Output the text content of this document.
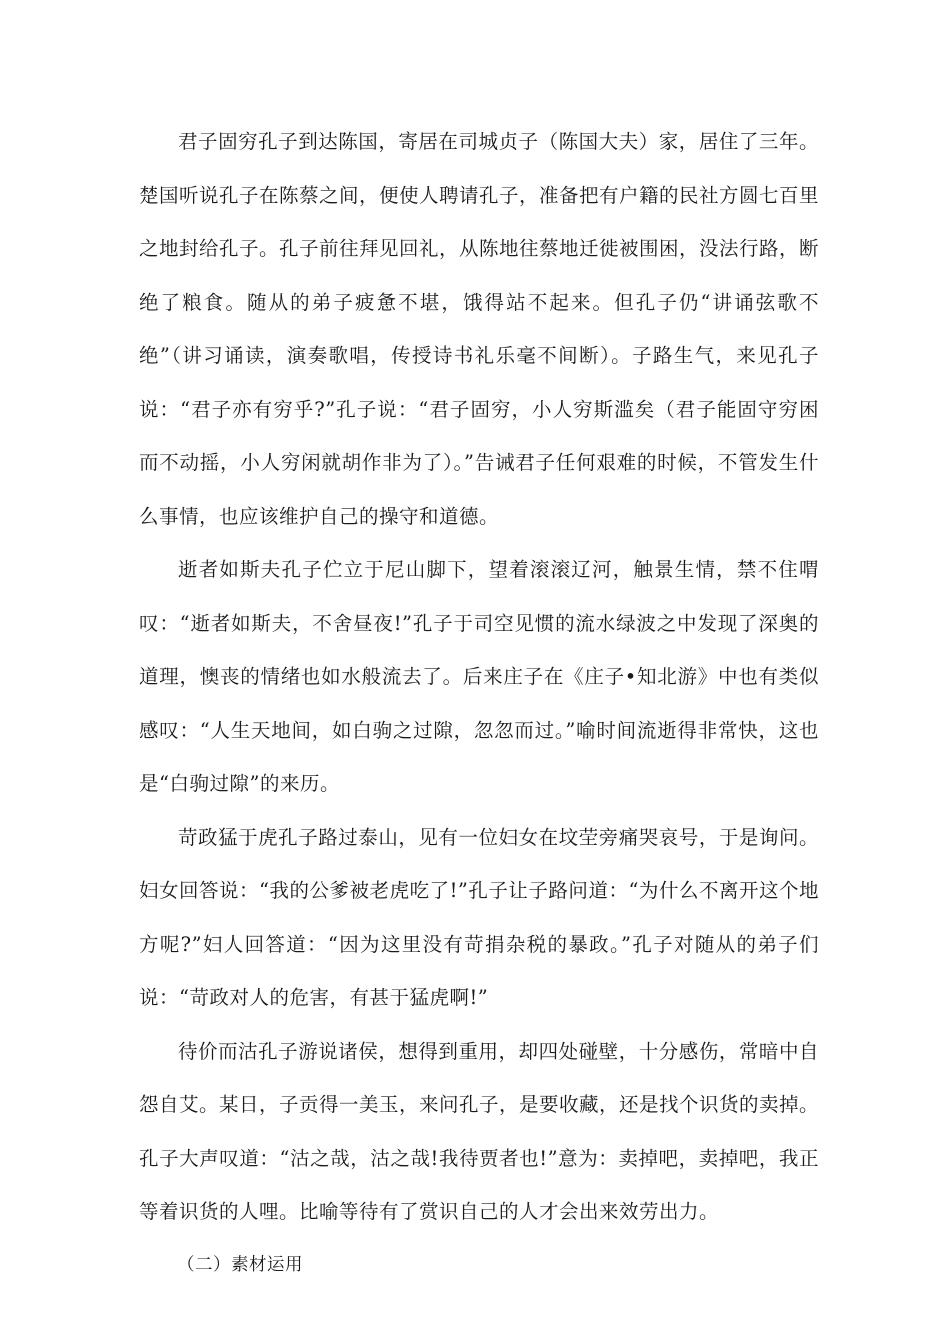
君子固穷孔子到达陈国，寄居在司城贞子（陈国大夫）家，居住了三年。楚国听说孔子在陈蔡之间，便使人聘请孔子，准备把有户籍的民社方圆七百里之地封给孔子。孔子前往拜见回礼，从陈地往蔡地迁徙被围困，没法行路，断绝了粮食。随从的弟子疲惫不堪，饿得站不起来。但孔子仍“讲诵弦歌不绝”（讲习诵读，演奏歌唱，传授诗书礼乐毫不间断）。子路生气，来见孔子说：“君子亦有穷乎?”孔子说：“君子固穷，小人穷斯滥矣（君子能固守穷困而不动摇，小人穷闲就胡作非为了）。”告诫君子任何艰难的时候，不管发生什么事情，也应该维护自己的操守和道德。

逝者如斯夫孔子伫立于尼山脚下，望着滚滚辽河，触景生情，禁不住喟叹：“逝者如斯夫，不舍昼夜!”孔子于司空见惯的流水绿波之中发现了深奥的道理，懊丧的情绪也如水般流去了。后来庄子在《庄子•知北游》中也有类似感叹：“人生天地间，如白驹之过隙，忽忽而过。”喻时间流逝得非常快，这也是“白驹过隙”的来历。

苛政猛于虎孔子路过泰山，见有一位妇女在坟茔旁痛哭哀号，于是询问。妇女回答说：“我的公爹被老虎吃了!”孔子让子路问道：“为什么不离开这个地方呢?”妇人回答道：“因为这里没有苛捐杂税的暴政。”孔子对随从的弟子们说：“苛政对人的危害，有甚于猛虎啊!”

待价而沽孔子游说诸侯，想得到重用，却四处碰壁，十分感伤，常暗中自怨自艾。某日，子贡得一美玉，来问孔子，是要收藏，还是找个识货的卖掉。孔子大声叹道：“沽之哉，沽之哉!我待贾者也!”意为：卖掉吧，卖掉吧，我正等着识货的人哩。比喻等待有了赏识自己的人才会出来效劳出力。

（二）素材运用
